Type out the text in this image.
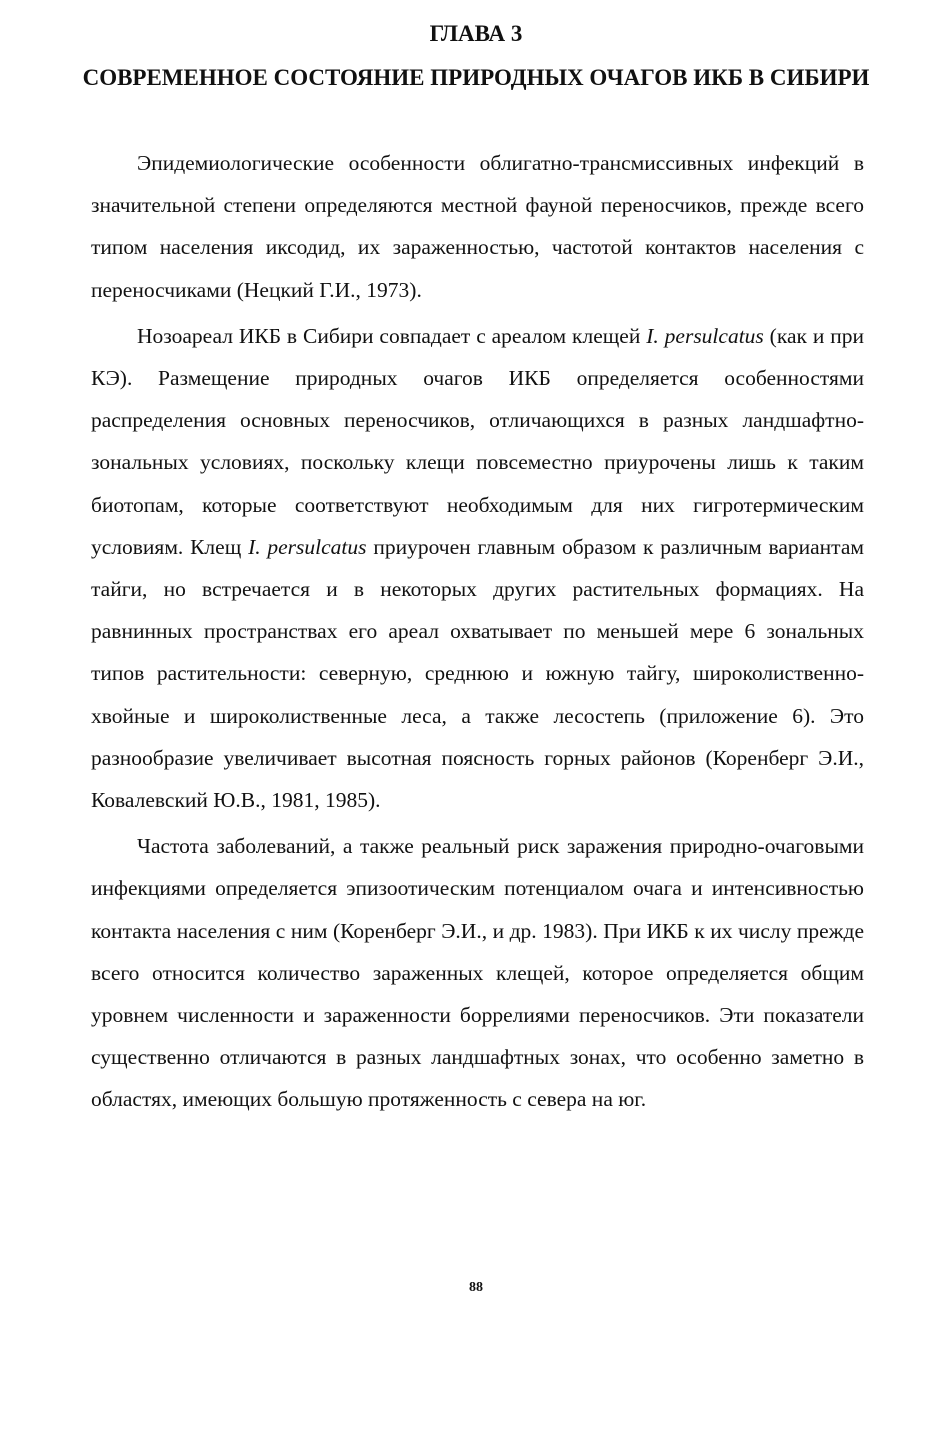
ГЛАВА 3
СОВРЕМЕННОЕ СОСТОЯНИЕ ПРИРОДНЫХ ОЧАГОВ ИКБ В СИБИРИ

Эпидемиологические особенности облигатно-трансмиссивных инфекций в значительной степени определяются местной фауной переносчиков, прежде всего типом населения иксодид, их зараженностью, частотой контактов населения с переносчиками (Нецкий Г.И., 1973).

Нозоареал ИКБ в Сибири совпадает с ареалом клещей I. persulcatus (как и при КЭ). Размещение природных очагов ИКБ определяется особенностями распределения основных переносчиков, отличающихся в разных ландшафтно-зональных условиях, поскольку клещи повсеместно приурочены лишь к таким биотопам, которые соответствуют необходимым для них гигротермическим условиям. Клещ I. persulcatus приурочен главным образом к различным вариантам тайги, но встречается и в некоторых других растительных формациях. На равнинных пространствах его ареал охватывает по меньшей мере 6 зональных типов растительности: северную, среднюю и южную тайгу, широколиственно-хвойные и широколиственные леса, а также лесостепь (приложение 6). Это разнообразие увеличивает высотная поясность горных районов (Коренберг Э.И., Ковалевский Ю.В., 1981, 1985).

Частота заболеваний, а также реальный риск заражения природно-очаговыми инфекциями определяется эпизоотическим потенциалом очага и интенсивностью контакта населения с ним (Коренберг Э.И., и др. 1983). При ИКБ к их числу прежде всего относится количество зараженных клещей, которое определяется общим уровнем численности и зараженности боррелиями переносчиков. Эти показатели существенно отличаются в разных ландшафтных зонах, что особенно заметно в областях, имеющих большую протяженность с севера на юг.

88
